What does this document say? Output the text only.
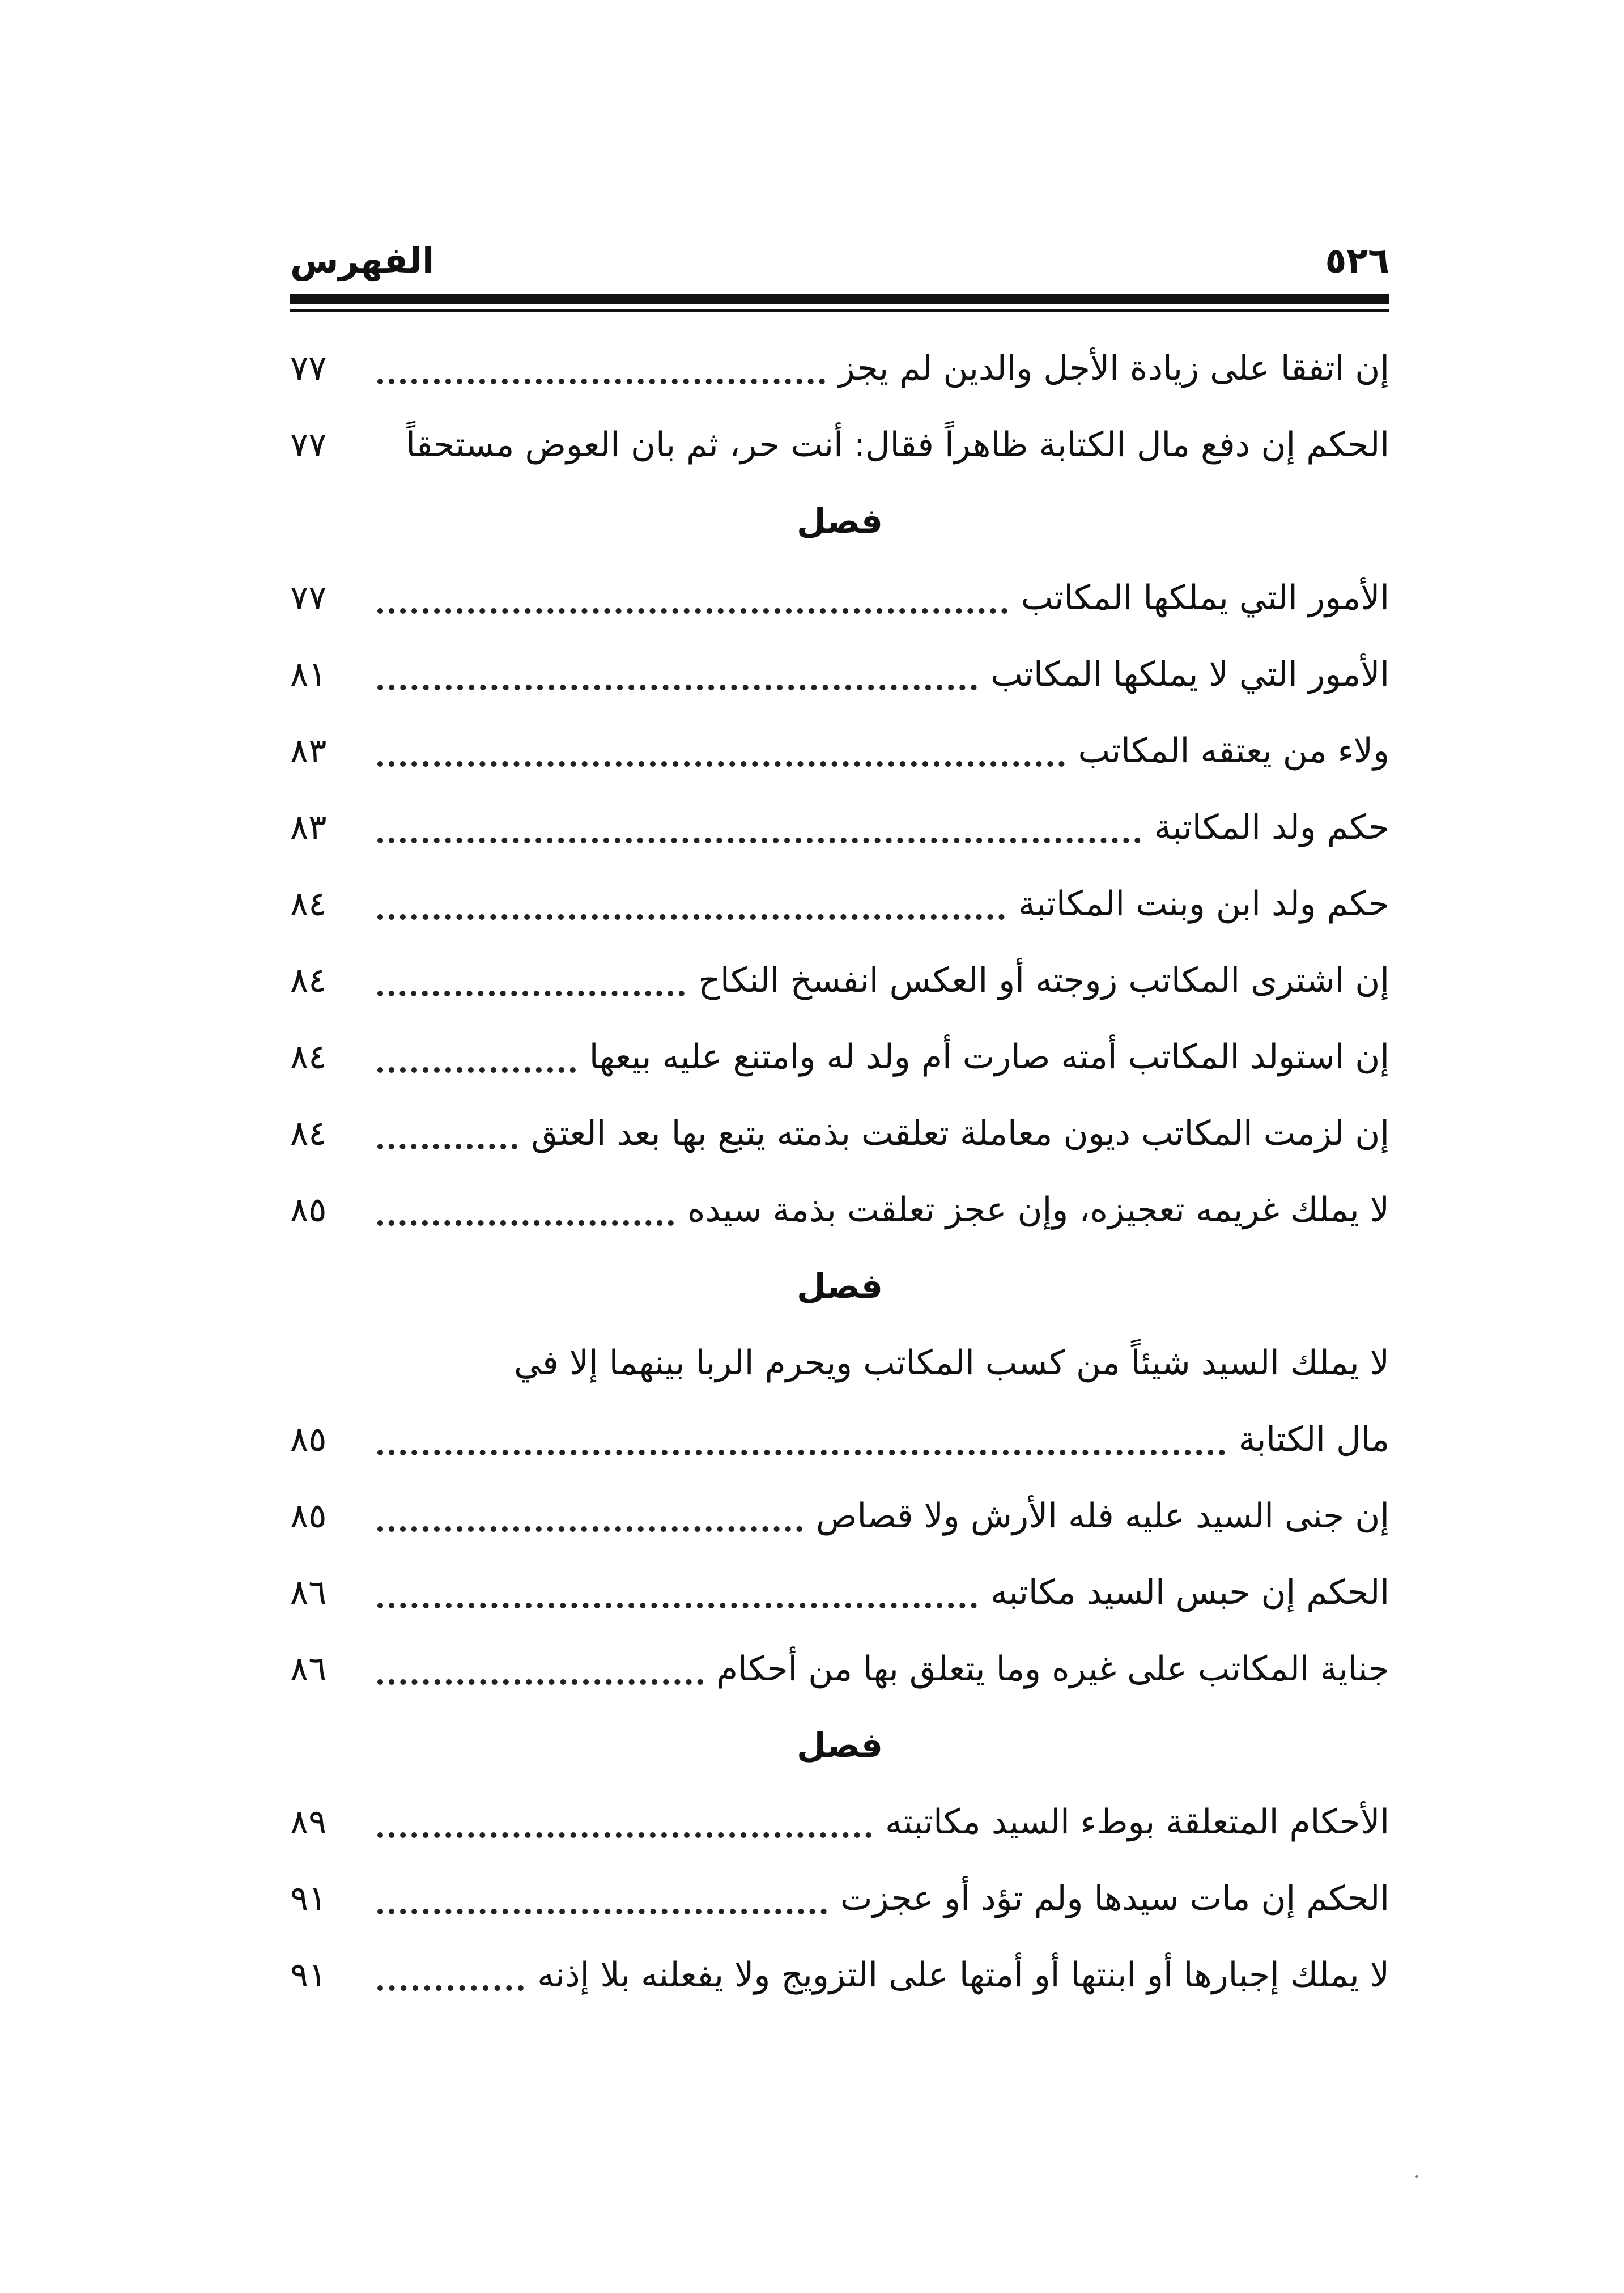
٥٢٦
الفهرس
إن اتفقا على زيادة الأجل والدين لم يجز
٧٧
الحكم إن دفع مال الكتابة ظاهراً فقال: أنت حر، ثم بان العوض مستحقاً
٧٧
فصل
الأمور التي يملكها المكاتب
٧٧
الأمور التي لا يملكها المكاتب
٨١
ولاء من يعتقه المكاتب
٨٣
حكم ولد المكاتبة
٨٣
حكم ولد ابن وبنت المكاتبة
٨٤
إن اشترى المكاتب زوجته أو العكس انفسخ النكاح
٨٤
إن استولد المكاتب أمته صارت أم ولد له وامتنع عليه بيعها
٨٤
إن لزمت المكاتب ديون معاملة تعلقت بذمته يتبع بها بعد العتق
٨٤
لا يملك غريمه تعجيزه، وإن عجز تعلقت بذمة سيده
٨٥
فصل
لا يملك السيد شيئاً من كسب المكاتب ويحرم الربا بينهما إلا في
مال الكتابة
٨٥
إن جنى السيد عليه فله الأرش ولا قصاص
٨٥
الحكم إن حبس السيد مكاتبه
٨٦
جناية المكاتب على غيره وما يتعلق بها من أحكام
٨٦
فصل
الأحكام المتعلقة بوطء السيد مكاتبته
٨٩
الحكم إن مات سيدها ولم تؤد أو عجزت
٩١
لا يملك إجبارها أو ابنتها أو أمتها على التزويج ولا يفعلنه بلا إذنه
٩١
